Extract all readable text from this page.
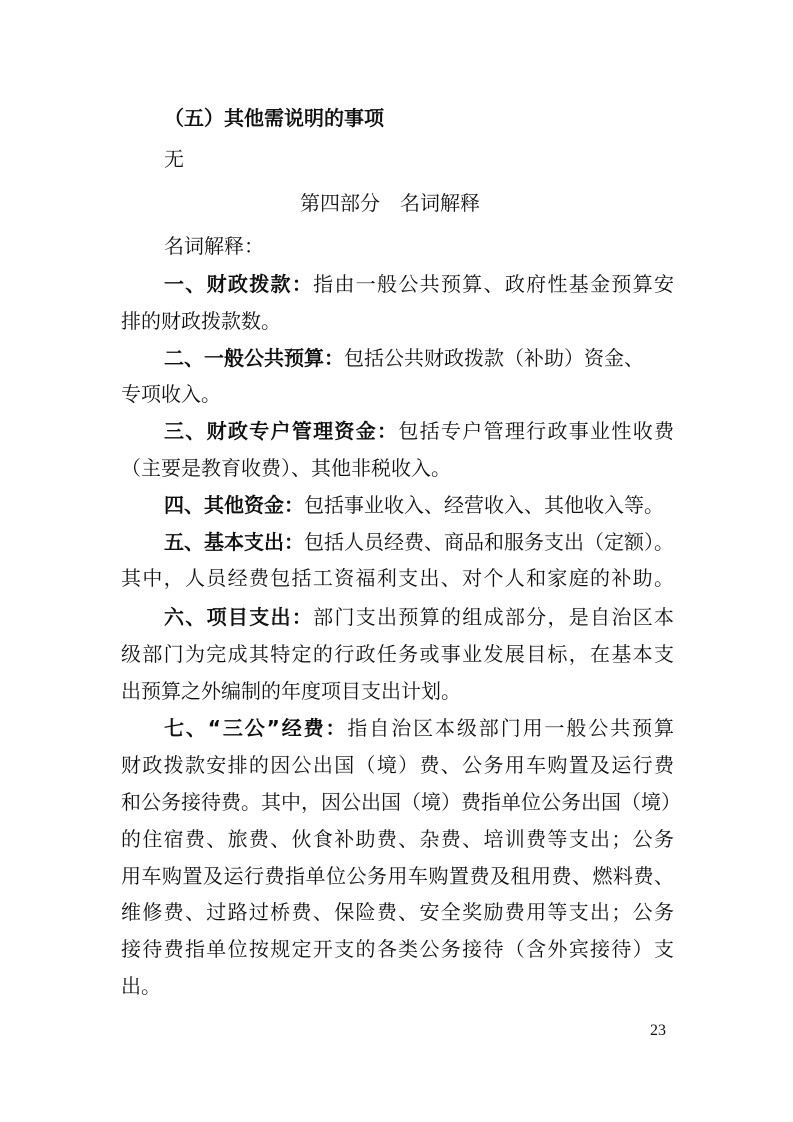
（五）其他需说明的事项
无
第四部分　名词解释
名词解释：
一、财政拨款：指由一般公共预算、政府性基金预算安
排的财政拨款数。
二、一般公共预算：包括公共财政拨款（补助）资金、
专项收入。
三、财政专户管理资金：包括专户管理行政事业性收费
（主要是教育收费）、其他非税收入。
四、其他资金：包括事业收入、经营收入、其他收入等。
五、基本支出：包括人员经费、商品和服务支出（定额）。
其中，人员经费包括工资福利支出、对个人和家庭的补助。
六、项目支出：部门支出预算的组成部分，是自治区本
级部门为完成其特定的行政任务或事业发展目标，在基本支
出预算之外编制的年度项目支出计划。
七、“三公”经费：指自治区本级部门用一般公共预算
财政拨款安排的因公出国（境）费、公务用车购置及运行费
和公务接待费。其中，因公出国（境）费指单位公务出国（境）
的住宿费、旅费、伙食补助费、杂费、培训费等支出；公务
用车购置及运行费指单位公务用车购置费及租用费、燃料费、
维修费、过路过桥费、保险费、安全奖励费用等支出；公务
接待费指单位按规定开支的各类公务接待（含外宾接待）支
出。
23
